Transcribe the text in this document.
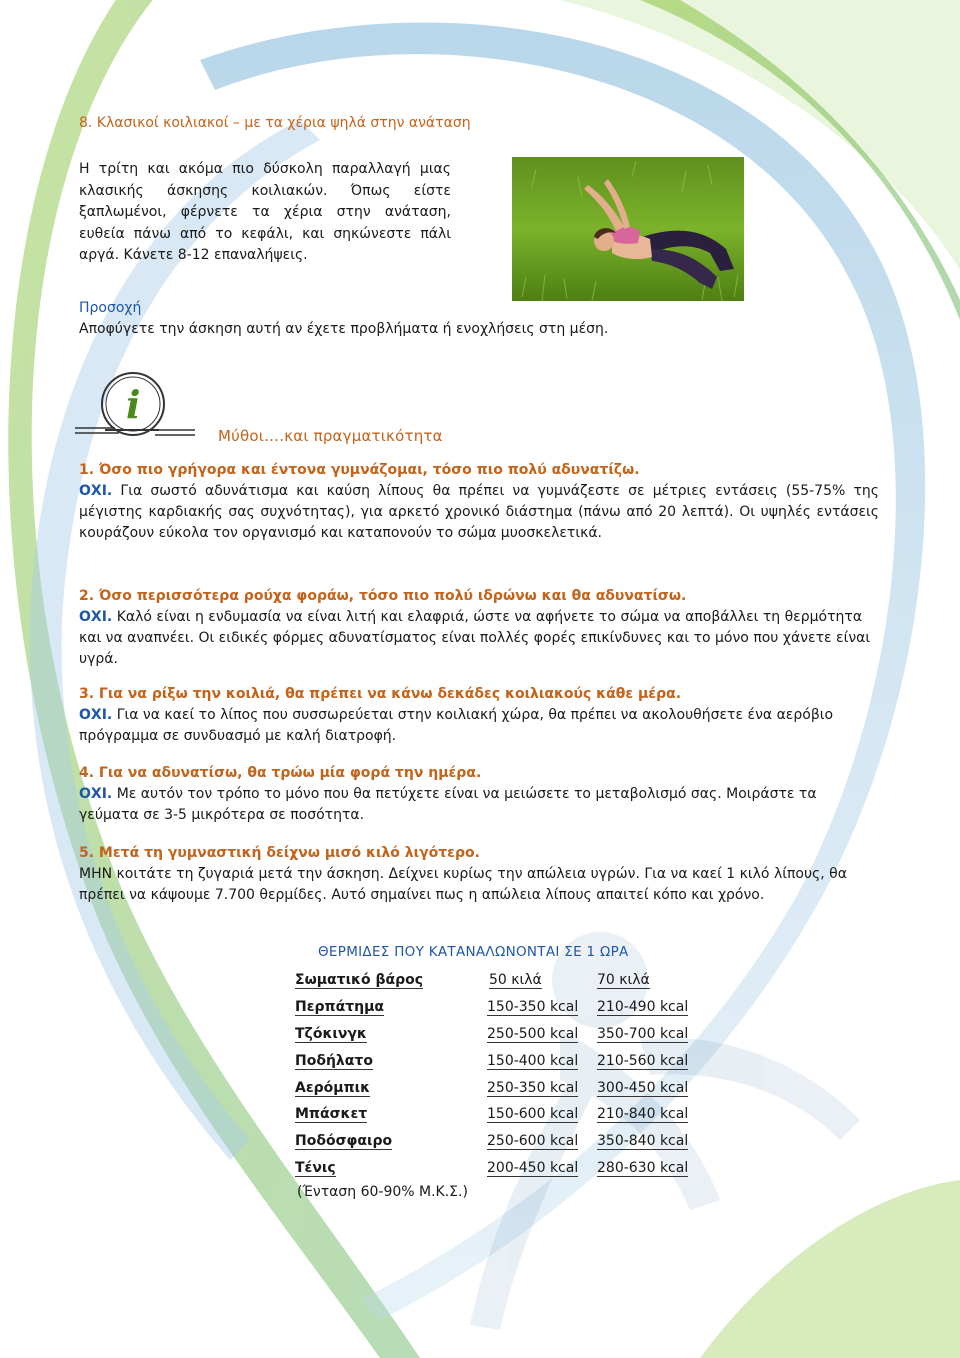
8. Κλασικοί κοιλιακοί – με τα χέρια ψηλά στην ανάταση
Η τρίτη και ακόμα πιο δύσκολη παραλλαγή μιας κλασικής άσκησης κοιλιακών. Όπως είστε ξαπλωμένοι, φέρνετε τα χέρια στην ανάταση, ευθεία πάνω από το κεφάλι, και σηκώνεστε πάλι αργά. Κάνετε 8-12 επαναλήψεις.
Προσοχή
Αποφύγετε την άσκηση αυτή αν έχετε προβλήματα ή ενοχλήσεις στη μέση.
i
Μύθοι….και πραγματικότητα
1. Όσο πιο γρήγορα και έντονα γυμνάζομαι, τόσο πιο πολύ αδυνατίζω.
ΟΧΙ. Για σωστό αδυνάτισμα και καύση λίπους θα πρέπει να γυμνάζεστε σε μέτριες εντάσεις (55-75% της μέγιστης καρδιακής σας συχνότητας), για αρκετό χρονικό διάστημα (πάνω από 20 λεπτά). Οι υψηλές εντάσεις κουράζουν εύκολα τον οργανισμό και καταπονούν το σώμα μυοσκελετικά.
2. Όσο περισσότερα ρούχα φοράω, τόσο πιο πολύ ιδρώνω και θα αδυνατίσω.
ΟΧΙ. Καλό είναι η ενδυμασία να είναι λιτή και ελαφριά, ώστε να αφήνετε το σώμα να αποβάλλει τη θερμότητα και να αναπνέει. Οι ειδικές φόρμες αδυνατίσματος είναι πολλές φορές επικίνδυνες και το μόνο που χάνετε είναι υγρά.
3. Για να ρίξω την κοιλιά, θα πρέπει να κάνω δεκάδες κοιλιακούς κάθε μέρα.
ΟΧΙ. Για να καεί το λίπος που συσσωρεύεται στην κοιλιακή χώρα, θα πρέπει να ακολουθήσετε ένα αερόβιο πρόγραμμα σε συνδυασμό με καλή διατροφή.
4. Για να αδυνατίσω, θα τρώω μία φορά την ημέρα.
ΟΧΙ. Με αυτόν τον τρόπο το μόνο που θα πετύχετε είναι να μειώσετε το μεταβολισμό σας. Μοιράστε τα γεύματα σε 3-5 μικρότερα σε ποσότητα.
5. Μετά τη γυμναστική δείχνω μισό κιλό λιγότερο.
ΜΗΝ κοιτάτε τη ζυγαριά μετά την άσκηση. Δείχνει κυρίως την απώλεια υγρών. Για να καεί 1 κιλό λίπους, θα πρέπει να κάψουμε 7.700 θερμίδες. Αυτό σημαίνει πως η απώλεια λίπους απαιτεί κόπο και χρόνο.
ΘΕΡΜΙΔΕΣ ΠΟΥ ΚΑΤΑΝΑΛΩΝΟΝΤΑΙ ΣΕ 1 ΩΡΑ
Σωματικό βάρος	50 κιλά	70 κιλά
Περπάτημα	150-350 kcal	210-490 kcal
Τζόκινγκ	250-500 kcal	350-700 kcal
Ποδήλατο	150-400 kcal	210-560 kcal
Αερόμπικ	250-350 kcal	300-450 kcal
Μπάσκετ	150-600 kcal	210-840 kcal
Ποδόσφαιρο	250-600 kcal	350-840 kcal
Τένις	200-450 kcal	280-630 kcal
(Ένταση 60-90% Μ.Κ.Σ.)
